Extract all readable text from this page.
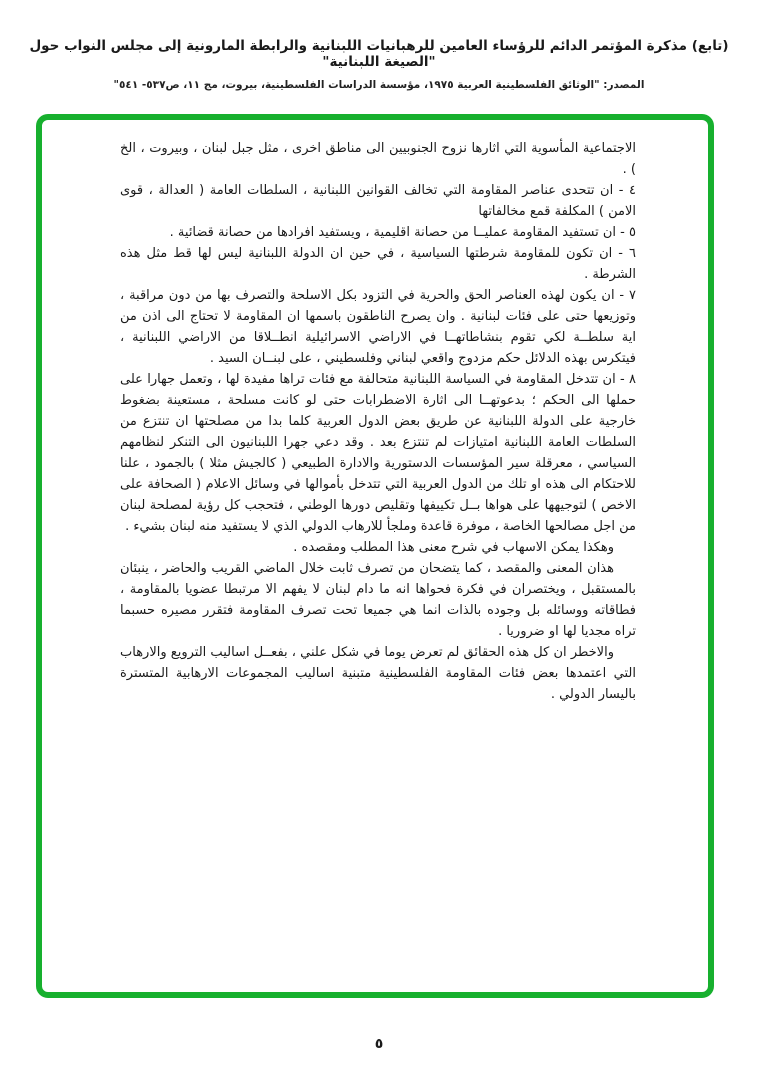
(تابع) مذكرة المؤتمر الدائم للرؤساء العامين للرهبانيات اللبنانية والرابطة المارونية إلى مجلس النواب حول "الصيغة اللبنانية"
المصدر: "الوثائق الفلسطينية العربية ١٩٧٥، مؤسسة الدراسات الفلسطينية، بيروت، مج ١١، ص٥٣٧- ٥٤١"

الاجتماعية المأسوية التي اثارها نزوح الجنوبيين الى مناطق اخرى ، مثل جبل لبنان ، وبيروت ، الخ ) .

٤ - ان تتحدى عناصر المقاومة التي تخالف القوانين اللبنانية ، السلطات العامة ( العدالة ، قوى الامن ) المكلفة قمع مخالفاتها

٥ - ان تستفيد المقاومة عمليــا من حصانة اقليمية ، ويستفيد افرادها من حصانة قضائية .

٦ - ان تكون للمقاومة شرطتها السياسية ، في حين ان الدولة اللبنانية ليس لها قط مثل هذه الشرطة .

٧ - ان يكون لهذه العناصر الحق والحرية في التزود بكل الاسلحة والتصرف بها من دون مراقبة ، وتوزيعها حتى على فئات لبنانية . وان يصرح الناطقون باسمها ان المقاومة لا تحتاج الى اذن من اية سلطــة لكي تقوم بنشاطاتهــا في الاراضي الاسرائيلية انطــلاقا من الاراضي اللبنانية ، فيتكرس بهذه الدلائل حكم مزدوج واقعي لبناني وفلسطيني ، على لبنــان السيد .

٨ - ان تتدخل المقاومة في السياسة اللبنانية متحالفة مع فئات تراها مفيدة لها ، وتعمل جهارا على حملها الى الحكم ؛ بدعوتهــا الى اثارة الاضطرابات حتى لو كانت مسلحة ، مستعينة بضغوط خارجية على الدولة اللبنانية عن طريق بعض الدول العربية كلما بدا من مصلحتها ان تنتزع من السلطات العامة اللبنانية امتيازات لم تنتزع بعد . وقد دعي جهرا اللبنانيون الى التنكر لنظامهم السياسي ، معرقلة سير المؤسسات الدستورية والادارة الطبيعي ( كالجيش مثلا ) بالجمود ، علنا للاحتكام الى هذه او تلك من الدول العربية التي تتدخل بأموالها في وسائل الاعلام ( الصحافة على الاخص ) لتوجيهها على هواها بــل تكييفها وتقليص دورها الوطني ، فتحجب كل رؤية لمصلحة لبنان من اجل مصالحها الخاصة ، موفرة قاعدة وملجأ للارهاب الدولي الذي لا يستفيد منه لبنان بشيء .

وهكذا يمكن الاسهاب في شرح معنى هذا المطلب ومقصده .

هذان المعنى والمقصد ، كما يتضحان من تصرف ثابت خلال الماضي القريب والحاضر ، ينبئان بالمستقبل ، ويختصران في فكرة فحواها انه ما دام لبنان لا يفهم الا مرتبطا عضويا بالمقاومة ، فطاقاته ووسائله بل وجوده بالذات انما هي جميعا تحت تصرف المقاومة فتقرر مصيره حسبما تراه مجديا لها او ضروريا .

والاخطر ان كل هذه الحقائق لم تعرض يوما في شكل علني ، بفعــل اساليب الترويع والارهاب التي اعتمدها بعض فئات المقاومة الفلسطينية متبنية اساليب المجموعات الارهابية المتسترة باليسار الدولي .

٥
